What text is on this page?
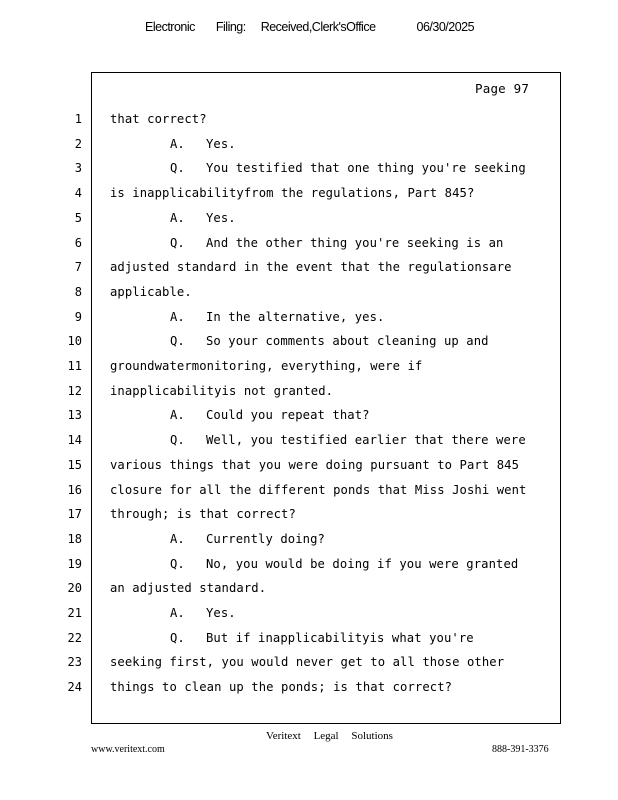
Electronic Filing: Received,Clerk'sOffice	06/30/2025
Page 97
1 that correct?
2	A. Yes.
3	Q. You testified that one thing you're seeking
4 is inapplicabilityfrom the regulations, Part 845?
5	A. Yes.
6	Q. And the other thing you're seeking is an
7 adjusted standard in the event that the regulationsare
8 applicable.
9	A. In the alternative, yes.
10	Q. So your comments about cleaning up and
11 groundwatermonitoring, everything, were if
12 inapplicabilityis not granted.
13	A. Could you repeat that?
14	Q. Well, you testified earlier that there were
15 various things that you were doing pursuant to Part 845
16 closure for all the different ponds that Miss Joshi went
17 through; is that correct?
18	A. Currently doing?
19	Q. No, you would be doing if you were granted
20 an adjusted standard.
21	A. Yes.
22	Q. But if inapplicabilityis what you're
23 seeking first, you would never get to all those other
24 things to clean up the ponds; is that correct?
Veritext Legal Solutions
www.veritext.com	888-391-3376
